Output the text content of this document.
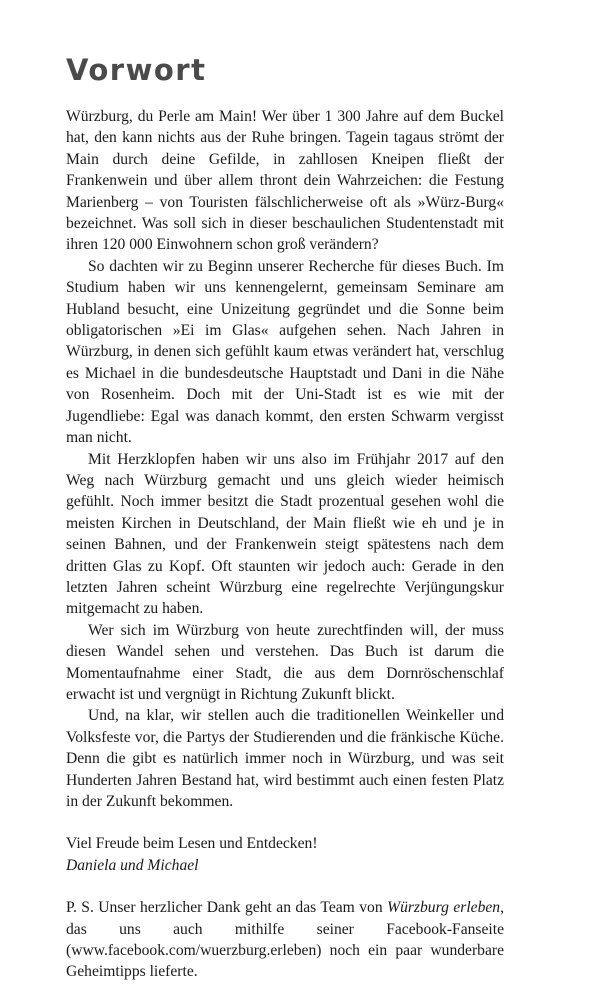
Vorwort

Würzburg, du Perle am Main! Wer über 1 300 Jahre auf dem Buckel hat, den kann nichts aus der Ruhe bringen. Tagein tagaus strömt der Main durch deine Gefilde, in zahllosen Kneipen fließt der Frankenwein und über allem thront dein Wahrzeichen: die Festung Marienberg – von Touristen fälschlicherweise oft als »Würz-Burg« bezeichnet. Was soll sich in dieser beschaulichen Studentenstadt mit ihren 120 000 Einwohnern schon groß verändern?

So dachten wir zu Beginn unserer Recherche für dieses Buch. Im Studium haben wir uns kennengelernt, gemeinsam Seminare am Hubland besucht, eine Unizeitung gegründet und die Sonne beim obligatorischen »Ei im Glas« aufgehen sehen. Nach Jahren in Würzburg, in denen sich gefühlt kaum etwas verändert hat, verschlug es Michael in die bundesdeutsche Hauptstadt und Dani in die Nähe von Rosenheim. Doch mit der Uni-Stadt ist es wie mit der Jugendliebe: Egal was danach kommt, den ersten Schwarm vergisst man nicht.

Mit Herzklopfen haben wir uns also im Frühjahr 2017 auf den Weg nach Würzburg gemacht und uns gleich wieder heimisch gefühlt. Noch immer besitzt die Stadt prozentual gesehen wohl die meisten Kirchen in Deutschland, der Main fließt wie eh und je in seinen Bahnen, und der Frankenwein steigt spätestens nach dem dritten Glas zu Kopf. Oft staunten wir jedoch auch: Gerade in den letzten Jahren scheint Würzburg eine regelrechte Verjüngungskur mitgemacht zu haben.

Wer sich im Würzburg von heute zurechtfinden will, der muss diesen Wandel sehen und verstehen. Das Buch ist darum die Momentaufnahme einer Stadt, die aus dem Dornröschenschlaf erwacht ist und vergnügt in Richtung Zukunft blickt.

Und, na klar, wir stellen auch die traditionellen Weinkeller und Volksfeste vor, die Partys der Studierenden und die fränkische Küche. Denn die gibt es natürlich immer noch in Würzburg, und was seit Hunderten Jahren Bestand hat, wird bestimmt auch einen festen Platz in der Zukunft bekommen.

Viel Freude beim Lesen und Entdecken!
Daniela und Michael
P. S. Unser herzlicher Dank geht an das Team von Würzburg erleben, das uns auch mithilfe seiner Facebook-Fanseite (www.facebook.com/wuerzburg.erleben) noch ein paar wunderbare Geheimtipps lieferte.
